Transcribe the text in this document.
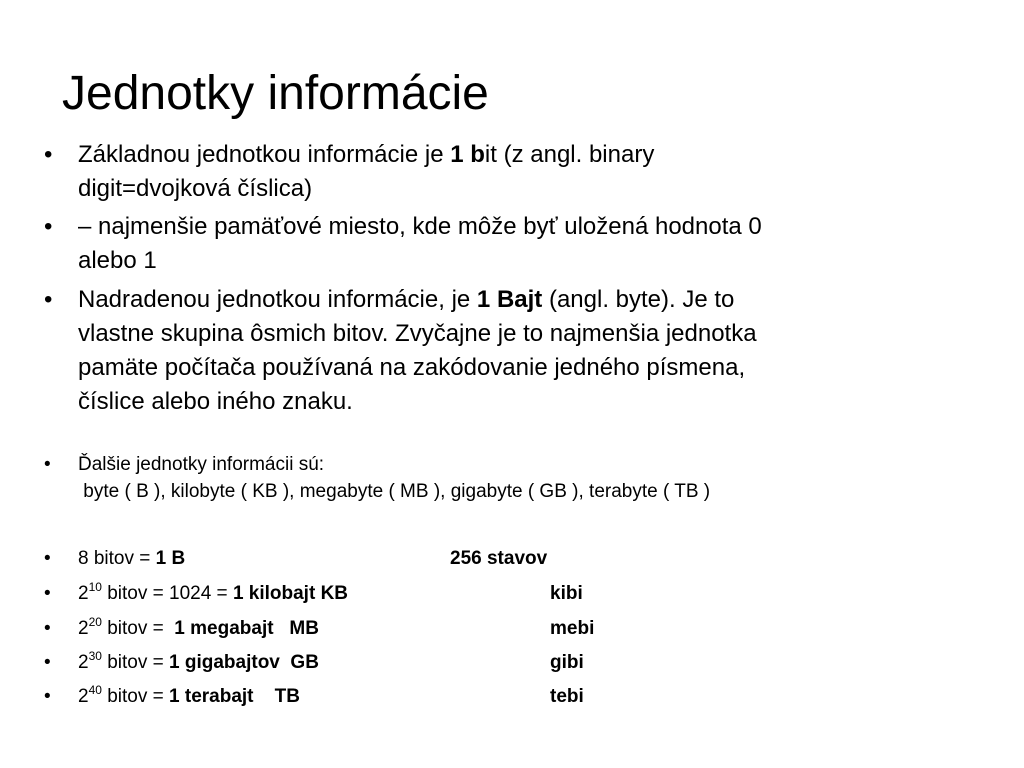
Jednotky informácie
• Základnou jednotkou informácie je 1 bit (z angl. binary
digit=dvojková číslica)
• – najmenšie pamäťové miesto, kde môže byť uložená hodnota 0
alebo 1
• Nadradenou jednotkou informácie, je 1 Bajt (angl. byte). Je to
vlastne skupina ôsmich bitov. Zvyčajne je to najmenšia jednotka
pamäte počítača používaná na zakódovanie jedného písmena,
číslice alebo iného znaku.
• Ďalšie jednotky informácii sú:
byte ( B ), kilobyte ( KB ), megabyte ( MB ), gigabyte ( GB ), terabyte ( TB )
• 8 bitov = 1 B	256 stavov
• $2^{10}$ bitov = 1024 = 1 kilobajt KB	kibi
• $2^{20}$ bitov =  1 megabajt   MB	mebi
• $2^{30}$ bitov = 1 gigabajtov  GB	gibi
• $2^{40}$ bitov = 1 terabajt    TB	tebi
